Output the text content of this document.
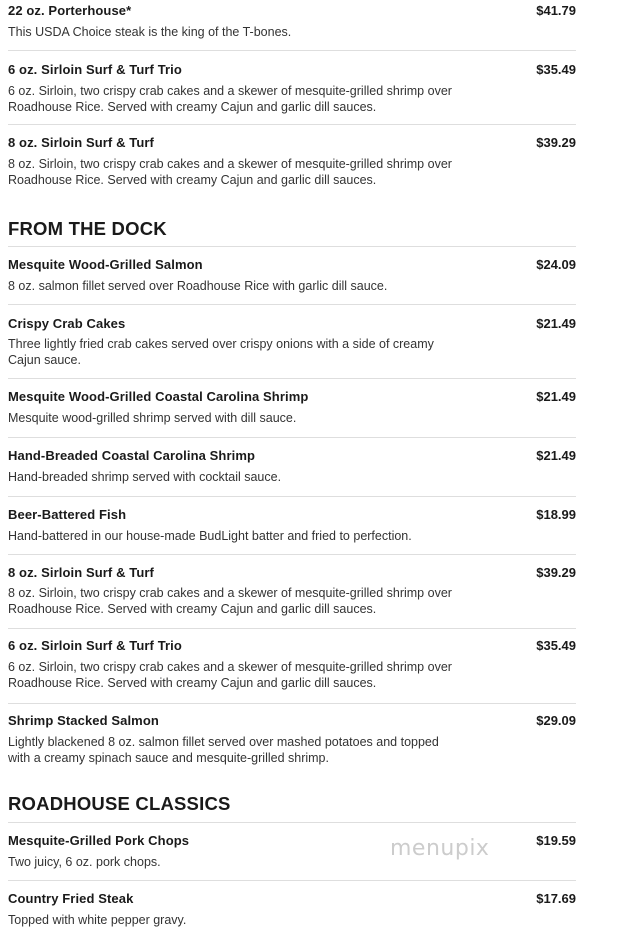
22 oz. Porterhouse*	$41.79
This USDA Choice steak is the king of the T-bones.
6 oz. Sirloin Surf & Turf Trio	$35.49
6 oz. Sirloin, two crispy crab cakes and a skewer of mesquite-grilled shrimp over Roadhouse Rice. Served with creamy Cajun and garlic dill sauces.
8 oz. Sirloin Surf & Turf	$39.29
8 oz. Sirloin, two crispy crab cakes and a skewer of mesquite-grilled shrimp over Roadhouse Rice. Served with creamy Cajun and garlic dill sauces.
FROM THE DOCK
Mesquite Wood-Grilled Salmon	$24.09
8 oz. salmon fillet served over Roadhouse Rice with garlic dill sauce.
Crispy Crab Cakes	$21.49
Three lightly fried crab cakes served over crispy onions with a side of creamy Cajun sauce.
Mesquite Wood-Grilled Coastal Carolina Shrimp	$21.49
Mesquite wood-grilled shrimp served with dill sauce.
Hand-Breaded Coastal Carolina Shrimp	$21.49
Hand-breaded shrimp served with cocktail sauce.
Beer-Battered Fish	$18.99
Hand-battered in our house-made BudLight batter and fried to perfection.
8 oz. Sirloin Surf & Turf	$39.29
8 oz. Sirloin, two crispy crab cakes and a skewer of mesquite-grilled shrimp over Roadhouse Rice. Served with creamy Cajun and garlic dill sauces.
6 oz. Sirloin Surf & Turf Trio	$35.49
6 oz. Sirloin, two crispy crab cakes and a skewer of mesquite-grilled shrimp over Roadhouse Rice. Served with creamy Cajun and garlic dill sauces.
Shrimp Stacked Salmon	$29.09
Lightly blackened 8 oz. salmon fillet served over mashed potatoes and topped with a creamy spinach sauce and mesquite-grilled shrimp.
ROADHOUSE CLASSICS
Mesquite-Grilled Pork Chops	$19.59
Two juicy, 6 oz. pork chops.
Country Fried Steak	$17.69
Topped with white pepper gravy.
menupix
